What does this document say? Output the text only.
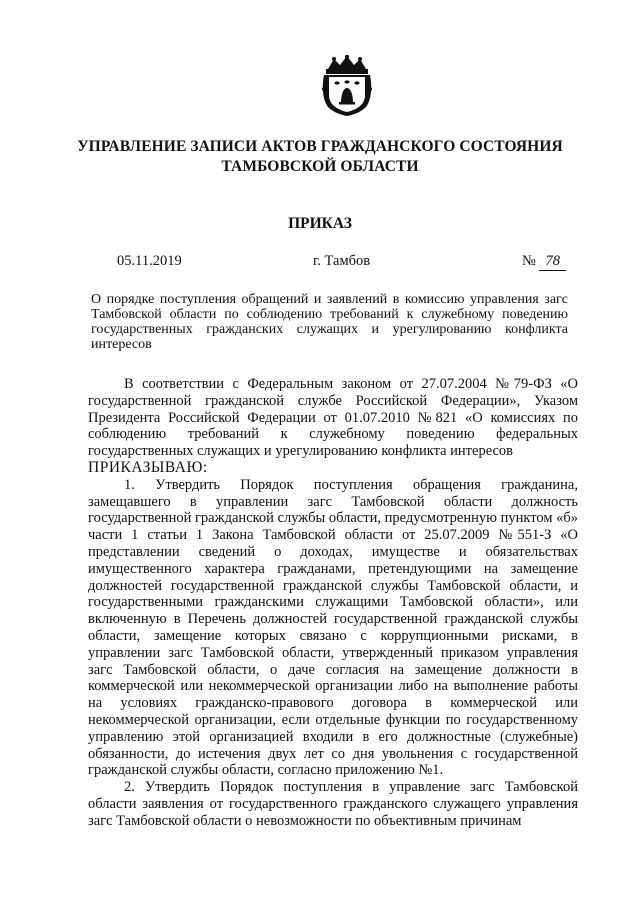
УПРАВЛЕНИЕ ЗАПИСИ АКТОВ ГРАЖДАНСКОГО СОСТОЯНИЯ
ТАМБОВСКОЙ ОБЛАСТИ
ПРИКАЗ
05.11.2019	г. Тамбов	№ 78
О порядке поступления обращений и заявлений в комиссию управления загс Тамбовской области по соблюдению требований к служебному поведению государственных гражданских служащих и урегулированию конфликта интересов

В соответствии с Федеральным законом от 27.07.2004 №79-ФЗ «О государственной гражданской службе Российской Федерации», Указом Президента Российской Федерации от 01.07.2010 №821 «О комиссиях по соблюдению требований к служебному поведению федеральных государственных служащих и урегулированию конфликта интересов

ПРИКАЗЫВАЮ:

1. Утвердить Порядок поступления обращения гражданина, замещавшего в управлении загс Тамбовской области должность государственной гражданской службы области, предусмотренную пунктом «б» части 1 статьи 1 Закона Тамбовской области от 25.07.2009 №551-З «О представлении сведений о доходах, имуществе и обязательствах имущественного характера гражданами, претендующими на замещение должностей государственной гражданской службы Тамбовской области, и государственными гражданскими служащими Тамбовской области», или включенную в Перечень должностей государственной гражданской службы области, замещение которых связано с коррупционными рисками, в управлении загс Тамбовской области, утвержденный приказом управления загс Тамбовской области, о даче согласия на замещение должности в коммерческой или некоммерческой организации либо на выполнение работы на условиях гражданско-правового договора в коммерческой или некоммерческой организации, если отдельные функции по государственному управлению этой организацией входили в его должностные (служебные) обязанности, до истечения двух лет со дня увольнения с государственной гражданской службы области, согласно приложению №1.

2. Утвердить Порядок поступления в управление загс Тамбовской области заявления от государственного гражданского служащего управления загс Тамбовской области о невозможности по объективным причинам
